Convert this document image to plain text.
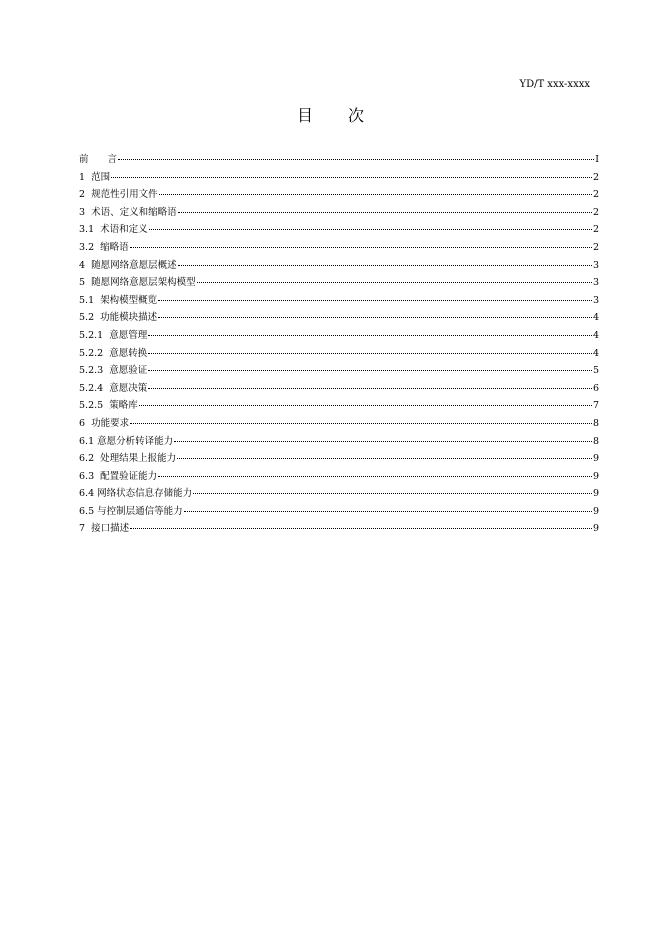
YD/T xxx-xxxx
目　　次
前　　言	I
1  范围	2
2  规范性引用文件	2
3  术语、定义和缩略语	2
3.1  术语和定义	2
3.2  缩略语	2
4  随愿网络意愿层概述	3
5  随愿网络意愿层架构模型	3
5.1  架构模型概览	3
5.2  功能模块描述	4
5.2.1  意愿管理	4
5.2.2  意愿转换	4
5.2.3  意愿验证	5
5.2.4  意愿决策	6
5.2.5  策略库	7
6  功能要求	8
6.1 意愿分析转译能力	8
6.2  处理结果上报能力	9
6.3  配置验证能力	9
6.4 网络状态信息存储能力	9
6.5 与控制层通信等能力	9
7  接口描述	9
